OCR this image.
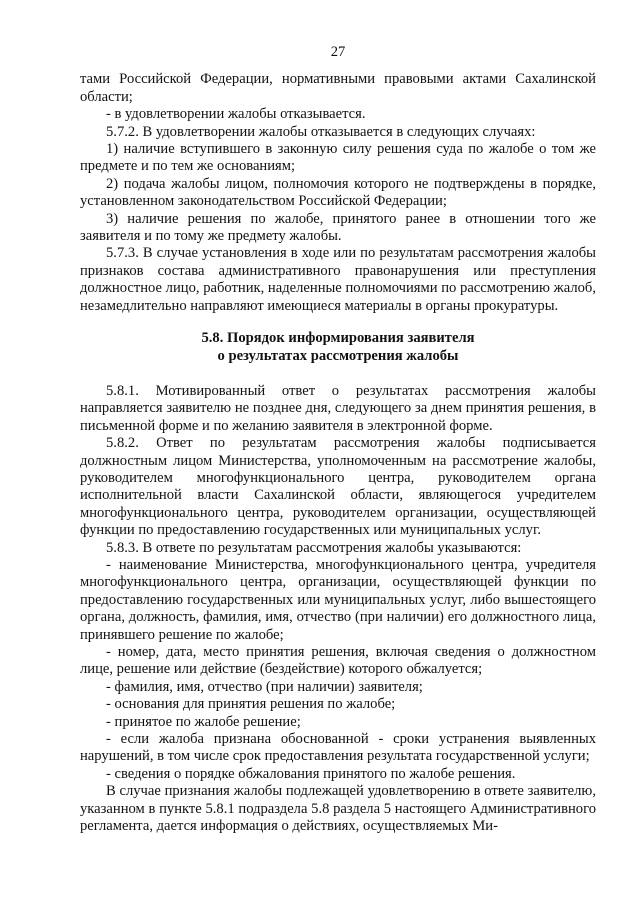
27

тами Российской Федерации, нормативными правовыми актами Сахалинской области;

- в удовлетворении жалобы отказывается.

5.7.2. В удовлетворении жалобы отказывается в следующих случаях:

1) наличие вступившего в законную силу решения суда по жалобе о том же предмете и по тем же основаниям;

2) подача жалобы лицом, полномочия которого не подтверждены в порядке, установленном законодательством Российской Федерации;

3) наличие решения по жалобе, принятого ранее в отношении того же заявителя и по тому же предмету жалобы.

5.7.3. В случае установления в ходе или по результатам рассмотрения жалобы признаков состава административного правонарушения или преступления должностное лицо, работник, наделенные полномочиями по рассмотрению жалоб, незамедлительно направляют имеющиеся материалы в органы прокуратуры.

5.8. Порядок информирования заявителя
о результатах рассмотрения жалобы

5.8.1. Мотивированный ответ о результатах рассмотрения жалобы направляется заявителю не позднее дня, следующего за днем принятия решения, в письменной форме и по желанию заявителя в электронной форме.

5.8.2. Ответ по результатам рассмотрения жалобы подписывается должностным лицом Министерства, уполномоченным на рассмотрение жалобы, руководителем многофункционального центра, руководителем органа исполнительной власти Сахалинской области, являющегося учредителем многофункционального центра, руководителем организации, осуществляющей функции по предоставлению государственных или муниципальных услуг.

5.8.3. В ответе по результатам рассмотрения жалобы указываются:

- наименование Министерства, многофункционального центра, учредителя многофункционального центра, организации, осуществляющей функции по предоставлению государственных или муниципальных услуг, либо вышестоящего органа, должность, фамилия, имя, отчество (при наличии) его должностного лица, принявшего решение по жалобе;

- номер, дата, место принятия решения, включая сведения о должностном лице, решение или действие (бездействие) которого обжалуется;

- фамилия, имя, отчество (при наличии) заявителя;

- основания для принятия решения по жалобе;

- принятое по жалобе решение;

- если жалоба признана обоснованной - сроки устранения выявленных нарушений, в том числе срок предоставления результата государственной услуги;

- сведения о порядке обжалования принятого по жалобе решения.

В случае признания жалобы подлежащей удовлетворению в ответе заявителю, указанном в пункте 5.8.1 подраздела 5.8 раздела 5 настоящего Административного регламента, дается информация о действиях, осуществляемых Ми-
